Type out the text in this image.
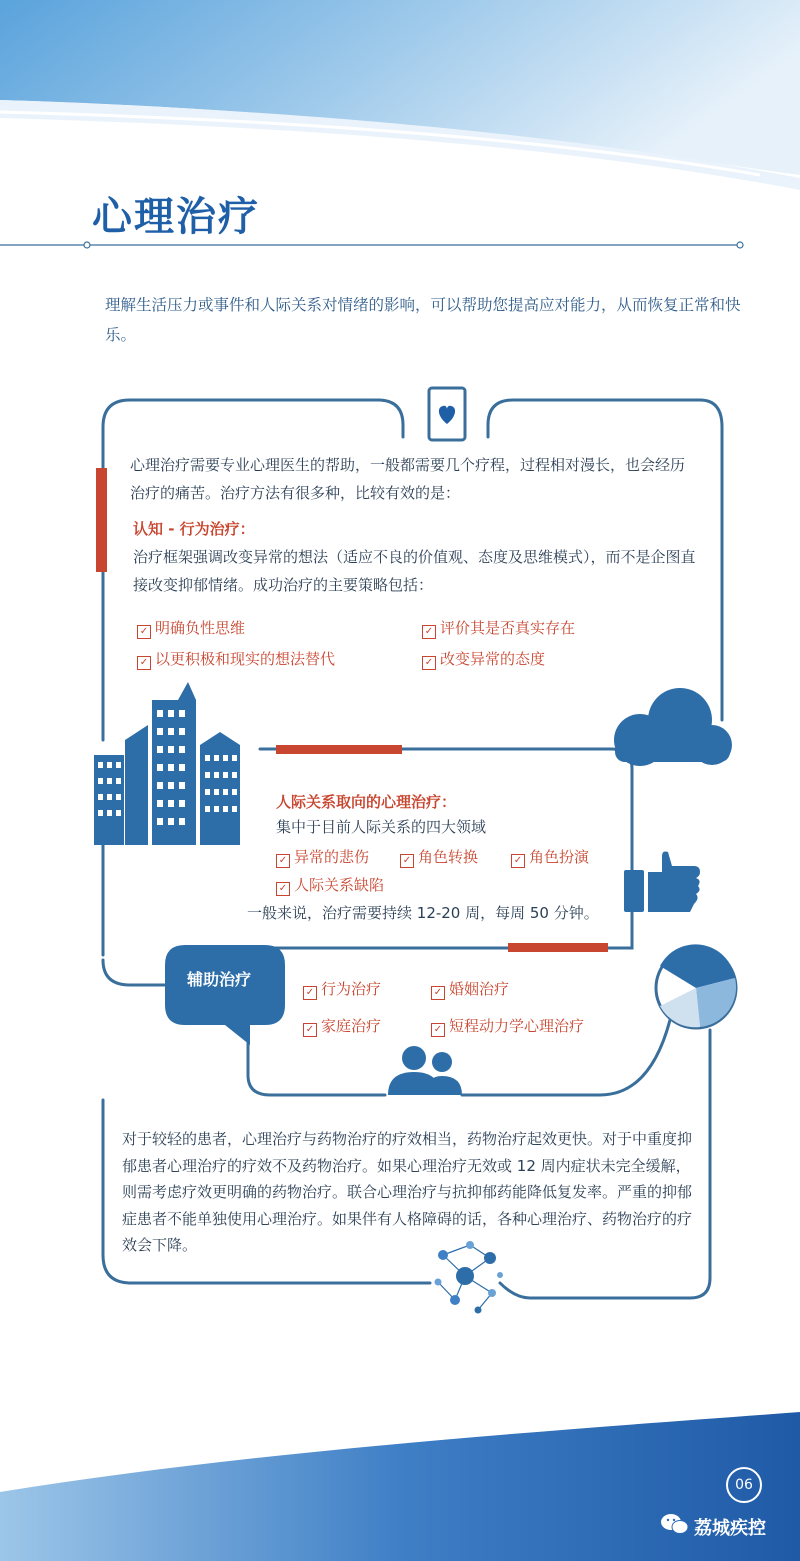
心理治疗
理解生活压力或事件和人际关系对情绪的影响，可以帮助您提高应对能力，从而恢复正常和快乐。
心理治疗需要专业心理医生的帮助，一般都需要几个疗程，过程相对漫长，也会经历治疗的痛苦。治疗方法有很多种，比较有效的是：
认知 - 行为治疗：
治疗框架强调改变异常的想法（适应不良的价值观、态度及思维模式），而不是企图直接改变抑郁情绪。成功治疗的主要策略包括：
✓ 明确负性思维
✓ 以更积极和现实的想法替代
✓ 评价其是否真实存在
✓ 改变异常的态度
人际关系取向的心理治疗：
集中于目前人际关系的四大领域
✓ 异常的悲伤	✓ 角色转换	✓ 角色扮演
✓ 人际关系缺陷
一般来说，治疗需要持续 12-20 周，每周 50 分钟。
辅助治疗
✓ 行为治疗	✓ 婚姻治疗
✓ 家庭治疗	✓ 短程动力学心理治疗
对于较轻的患者，心理治疗与药物治疗的疗效相当，药物治疗起效更快。对于中重度抑郁患者心理治疗的疗效不及药物治疗。如果心理治疗无效或 12 周内症状未完全缓解，则需考虑疗效更明确的药物治疗。联合心理治疗与抗抑郁药能降低复发率。严重的抑郁症患者不能单独使用心理治疗。如果伴有人格障碍的话，各种心理治疗、药物治疗的疗效会下降。
06
荔城疾控
